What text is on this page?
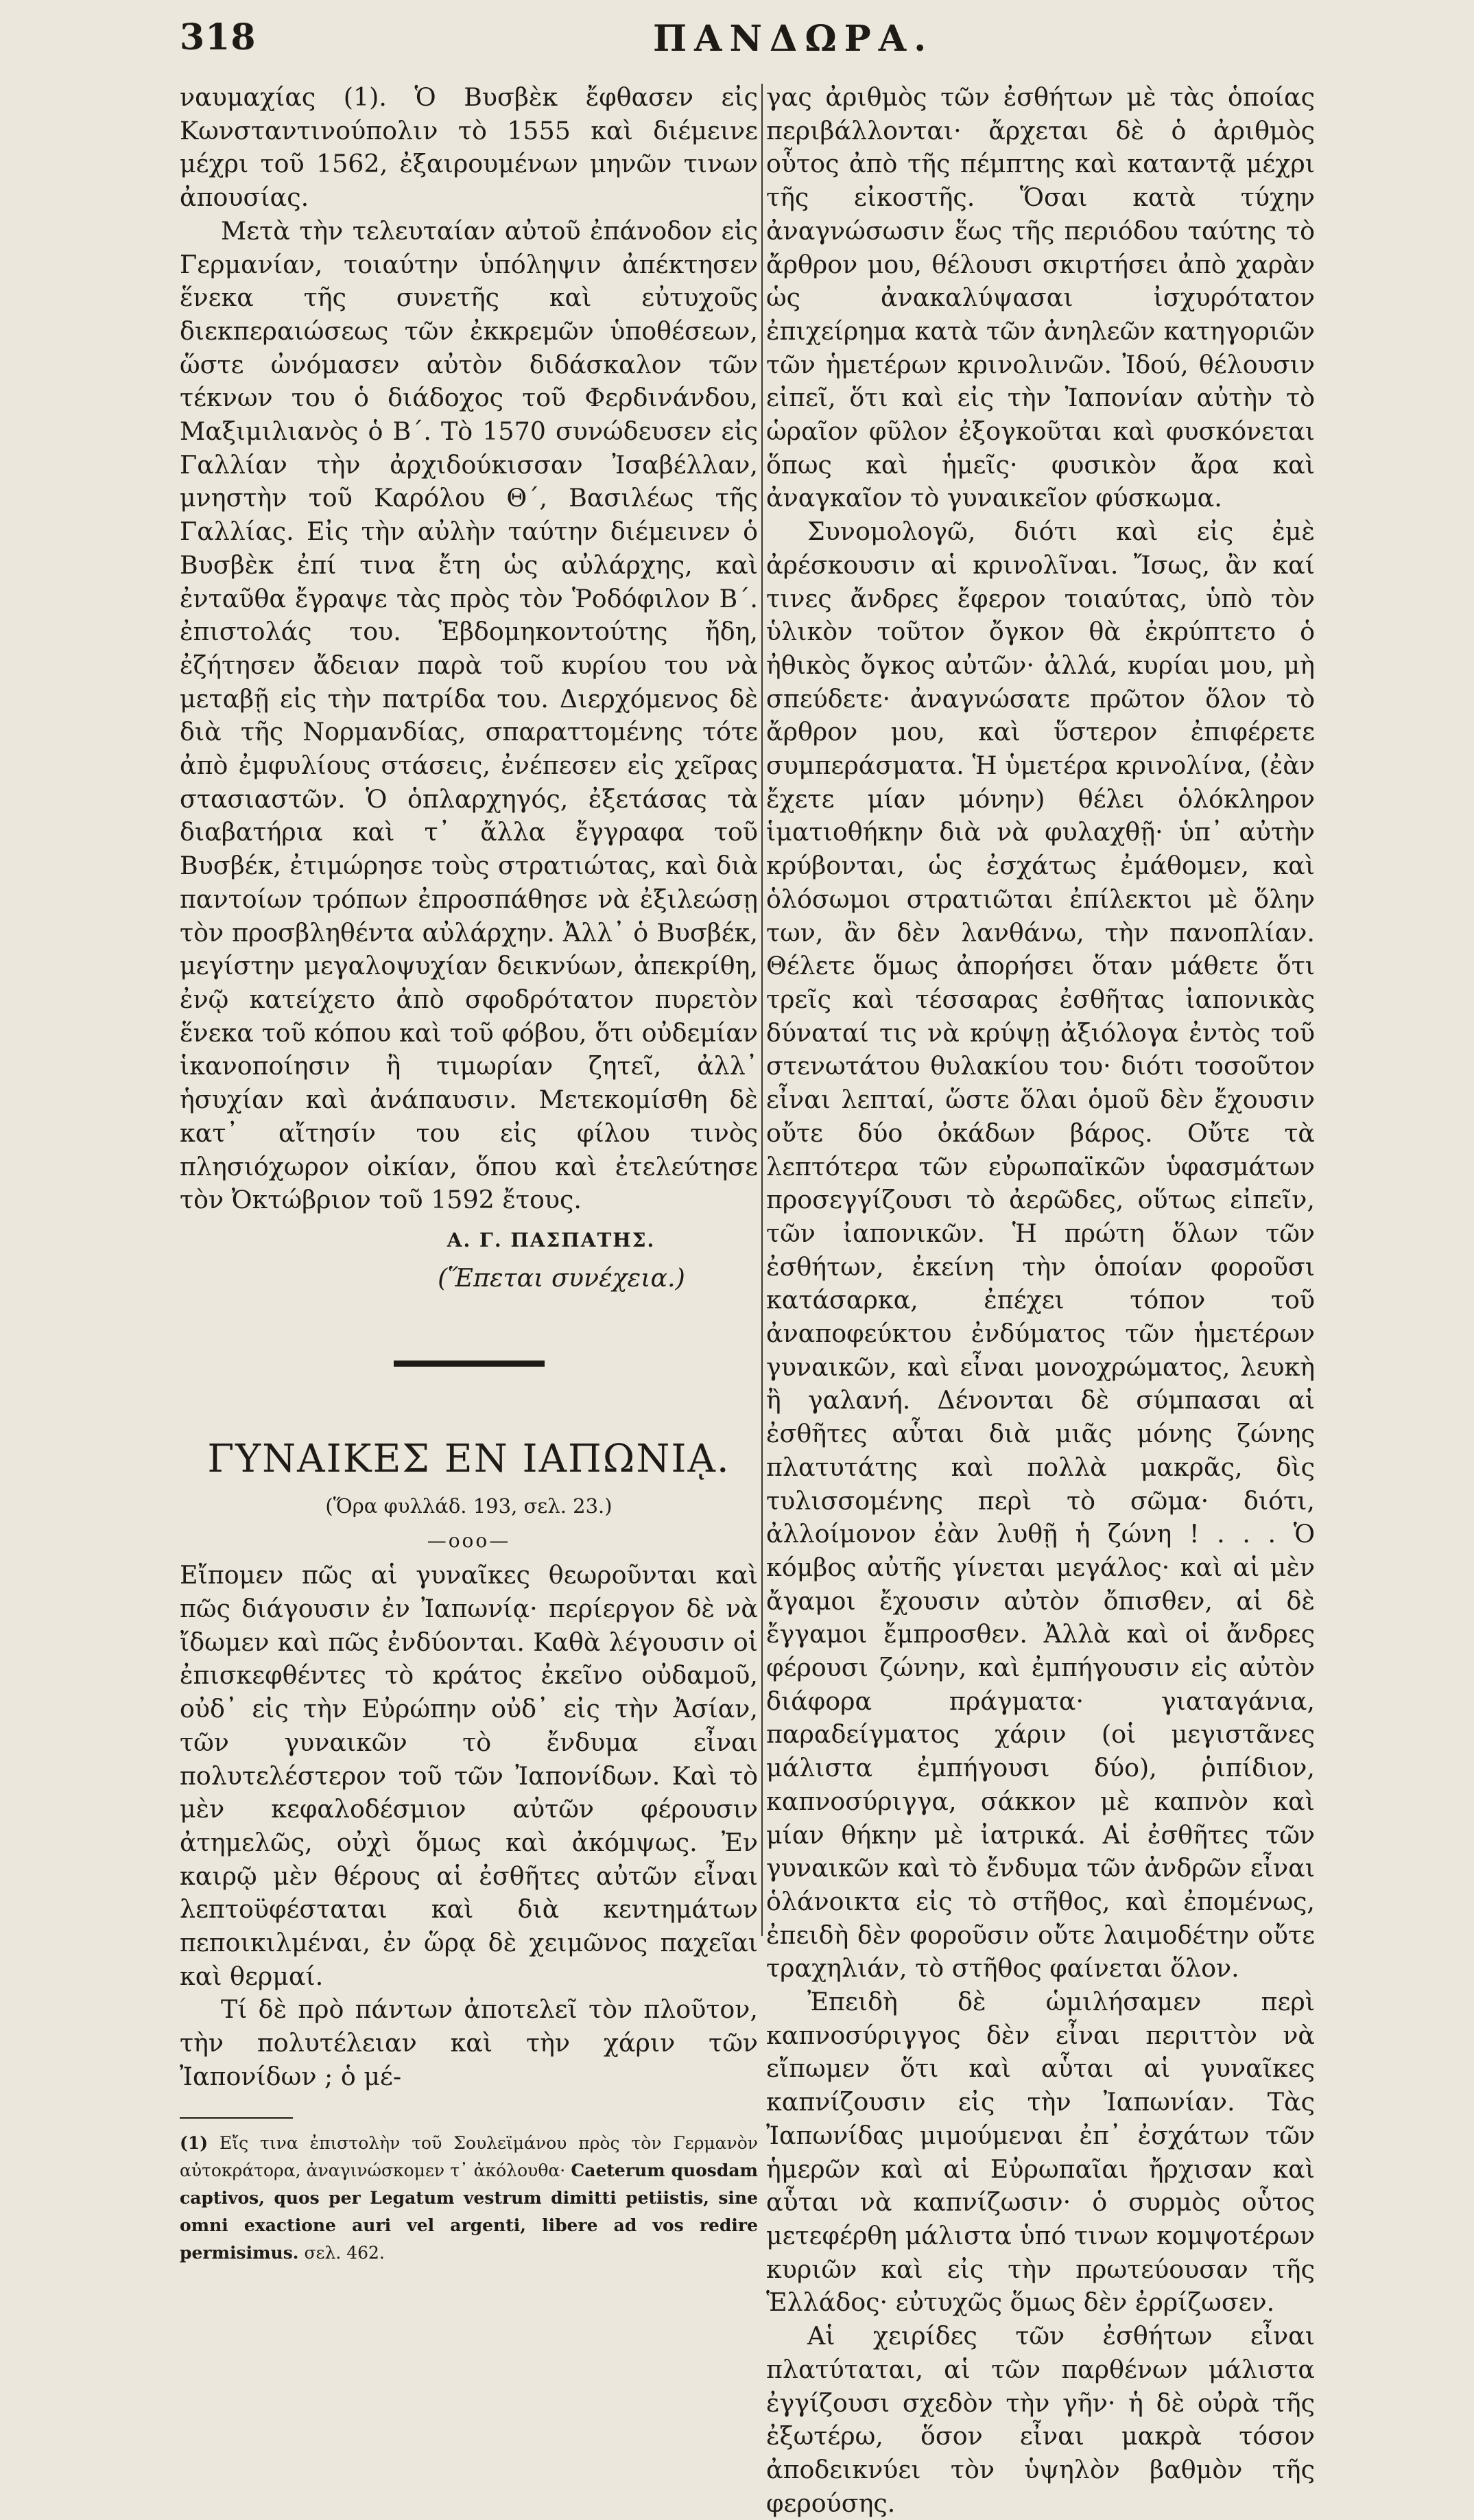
318	ΠΑΝΔΩΡΑ.

ναυμαχίας (1). Ὁ Βυσβὲκ ἔφθασεν εἰς Κωνσταντινούπολιν τὸ 1555 καὶ διέμεινε μέχρι τοῦ 1562, ἐξαιρουμένων μηνῶν τινων ἀπουσίας.

Μετὰ τὴν τελευταίαν αὐτοῦ ἐπάνοδον εἰς Γερμανίαν, τοιαύτην ὑπόληψιν ἀπέκτησεν ἕνεκα τῆς συνετῆς καὶ εὐτυχοῦς διεκπεραιώσεως τῶν ἐκκρεμῶν ὑποθέσεων, ὥστε ὠνόμασεν αὐτὸν διδάσκαλον τῶν τέκνων του ὁ διάδοχος τοῦ Φερδινάνδου, Μαξιμιλιανὸς ὁ Β΄. Τὸ 1570 συνώδευσεν εἰς Γαλλίαν τὴν ἀρχιδούκισσαν Ἰσαβέλλαν, μνηστὴν τοῦ Καρόλου Θ΄, Βασιλέως τῆς Γαλλίας. Εἰς τὴν αὐλὴν ταύτην διέμεινεν ὁ Βυσβὲκ ἐπί τινα ἔτη ὡς αὐλάρχης, καὶ ἐνταῦθα ἔγραψε τὰς πρὸς τὸν Ῥοδόφιλον Β΄. ἐπιστολάς του. Ἑβδομηκοντούτης ἤδη, ἐζήτησεν ἄδειαν παρὰ τοῦ κυρίου του νὰ μεταβῇ εἰς τὴν πατρίδα του. Διερχόμενος δὲ διὰ τῆς Νορμανδίας, σπαραττομένης τότε ἀπὸ ἐμφυλίους στάσεις, ἐνέπεσεν εἰς χεῖρας στασιαστῶν. Ὁ ὁπλαρχηγός, ἐξετάσας τὰ διαβατήρια καὶ τ᾽ ἄλλα ἔγγραφα τοῦ Βυσβέκ, ἐτιμώρησε τοὺς στρατιώτας, καὶ διὰ παντοίων τρόπων ἐπροσπάθησε νὰ ἐξιλεώσῃ τὸν προσβληθέντα αὐλάρχην. Ἀλλ᾽ ὁ Βυσβέκ, μεγίστην μεγαλοψυχίαν δεικνύων, ἀπεκρίθη, ἐνῷ κατείχετο ἀπὸ σφοδρότατον πυρετὸν ἕνεκα τοῦ κόπου καὶ τοῦ φόβου, ὅτι οὐδεμίαν ἱκανοποίησιν ἢ τιμωρίαν ζητεῖ, ἀλλ᾽ ἡσυχίαν καὶ ἀνάπαυσιν. Μετεκομίσθη δὲ κατ᾽ αἴτησίν του εἰς φίλου τινὸς πλησιόχωρον οἰκίαν, ὅπου καὶ ἐτελεύτησε τὸν Ὀκτώβριον τοῦ 1592 ἔτους.

Α. Γ. ΠΑΣΠΑΤΗΣ.
(Ἕπεται συνέχεια.)
ΓΥΝΑΙΚΕΣ ΕΝ ΙΑΠΩΝΙᾼ.
(Ὅρα φυλλάδ. 193, σελ. 23.)
—ooo—

Εἴπομεν πῶς αἱ γυναῖκες θεωροῦνται καὶ πῶς διάγουσιν ἐν Ἰαπωνίᾳ· περίεργον δὲ νὰ ἴδωμεν καὶ πῶς ἐνδύονται. Καθὰ λέγουσιν οἱ ἐπισκεφθέντες τὸ κράτος ἐκεῖνο οὐδαμοῦ, οὐδ᾽ εἰς τὴν Εὐρώπην οὐδ᾽ εἰς τὴν Ἀσίαν, τῶν γυναικῶν τὸ ἔνδυμα εἶναι πολυτελέστερον τοῦ τῶν Ἰαπονίδων. Καὶ τὸ μὲν κεφαλοδέσμιον αὐτῶν φέρουσιν ἀτημελῶς, οὐχὶ ὅμως καὶ ἀκόμψως. Ἐν καιρῷ μὲν θέρους αἱ ἐσθῆτες αὐτῶν εἶναι λεπτοϋφέσταται καὶ διὰ κεντημάτων πεποικιλμέναι, ἐν ὥρᾳ δὲ χειμῶνος παχεῖαι καὶ θερμαί.

Τί δὲ πρὸ πάντων ἀποτελεῖ τὸν πλοῦτον, τὴν πολυτέλειαν καὶ τὴν χάριν τῶν Ἰαπονίδων ; ὁ μέ-

(1) Εἴς τινα ἐπιστολὴν τοῦ Σουλεϊμάνου πρὸς τὸν Γερμανὸν αὐτοκράτορα, ἀναγινώσκομεν τ᾽ ἀκόλουθα· Caeterum quosdam captivos, quos per Legatum vestrum dimitti petiistis, sine omni exactione auri vel argenti, libere ad vos redire permisimus. σελ. 462.

γας ἀριθμὸς τῶν ἐσθήτων μὲ τὰς ὁποίας περιβάλλονται· ἄρχεται δὲ ὁ ἀριθμὸς οὗτος ἀπὸ τῆς πέμπτης καὶ καταντᾷ μέχρι τῆς εἰκοστῆς. Ὅσαι κατὰ τύχην ἀναγνώσωσιν ἕως τῆς περιόδου ταύτης τὸ ἄρθρον μου, θέλουσι σκιρτήσει ἀπὸ χαρὰν ὡς ἀνακαλύψασαι ἰσχυρότατον ἐπιχείρημα κατὰ τῶν ἀνηλεῶν κατηγοριῶν τῶν ἡμετέρων κρινολινῶν. Ἰδού, θέλουσιν εἰπεῖ, ὅτι καὶ εἰς τὴν Ἰαπονίαν αὐτὴν τὸ ὡραῖον φῦλον ἐξογκοῦται καὶ φυσκόνεται ὅπως καὶ ἡμεῖς· φυσικὸν ἄρα καὶ ἀναγκαῖον τὸ γυναικεῖον φύσκωμα.

Συνομολογῶ, διότι καὶ εἰς ἐμὲ ἀρέσκουσιν αἱ κρινολῖναι. Ἴσως, ἂν καί τινες ἄνδρες ἔφερον τοιαύτας, ὑπὸ τὸν ὑλικὸν τοῦτον ὄγκον θὰ ἐκρύπτετο ὁ ἠθικὸς ὄγκος αὐτῶν· ἀλλά, κυρίαι μου, μὴ σπεύδετε· ἀναγνώσατε πρῶτον ὅλον τὸ ἄρθρον μου, καὶ ὕστερον ἐπιφέρετε συμπεράσματα. Ἡ ὑμετέρα κρινολίνα, (ἐὰν ἔχετε μίαν μόνην) θέλει ὁλόκληρον ἱματιοθήκην διὰ νὰ φυλαχθῇ· ὑπ᾽ αὐτὴν κρύβονται, ὡς ἐσχάτως ἐμάθομεν, καὶ ὁλόσωμοι στρατιῶται ἐπίλεκτοι μὲ ὅλην των, ἂν δὲν λανθάνω, τὴν πανοπλίαν. Θέλετε ὅμως ἀπορήσει ὅταν μάθετε ὅτι τρεῖς καὶ τέσσαρας ἐσθῆτας ἰαπονικὰς δύναταί τις νὰ κρύψῃ ἀξιόλογα ἐντὸς τοῦ στενωτάτου θυλακίου του· διότι τοσοῦτον εἶναι λεπταί, ὥστε ὅλαι ὁμοῦ δὲν ἔχουσιν οὔτε δύο ὀκάδων βάρος. Οὔτε τὰ λεπτότερα τῶν εὐρωπαϊκῶν ὑφασμάτων προσεγγίζουσι τὸ ἀερῶδες, οὕτως εἰπεῖν, τῶν ἰαπονικῶν. Ἡ πρώτη ὅλων τῶν ἐσθήτων, ἐκείνη τὴν ὁποίαν φοροῦσι κατάσαρκα, ἐπέχει τόπον τοῦ ἀναποφεύκτου ἐνδύματος τῶν ἡμετέρων γυναικῶν, καὶ εἶναι μονοχρώματος, λευκὴ ἢ γαλανή. Δένονται δὲ σύμπασαι αἱ ἐσθῆτες αὗται διὰ μιᾶς μόνης ζώνης πλατυτάτης καὶ πολλὰ μακρᾶς, δὶς τυλισσομένης περὶ τὸ σῶμα· διότι, ἀλλοίμονον ἐὰν λυθῇ ἡ ζώνη ! . . . Ὁ κόμβος αὐτῆς γίνεται μεγάλος· καὶ αἱ μὲν ἄγαμοι ἔχουσιν αὐτὸν ὄπισθεν, αἱ δὲ ἔγγαμοι ἔμπροσθεν. Ἀλλὰ καὶ οἱ ἄνδρες φέρουσι ζώνην, καὶ ἐμπήγουσιν εἰς αὐτὸν διάφορα πράγματα· γιαταγάνια, παραδείγματος χάριν (οἱ μεγιστᾶνες μάλιστα ἐμπήγουσι δύο), ῥιπίδιον, καπνοσύριγγα, σάκκον μὲ καπνὸν καὶ μίαν θήκην μὲ ἰατρικά. Αἱ ἐσθῆτες τῶν γυναικῶν καὶ τὸ ἔνδυμα τῶν ἀνδρῶν εἶναι ὁλάνοικτα εἰς τὸ στῆθος, καὶ ἐπομένως, ἐπειδὴ δὲν φοροῦσιν οὔτε λαιμοδέτην οὔτε τραχηλιάν, τὸ στῆθος φαίνεται ὅλον.

Ἐπειδὴ δὲ ὡμιλήσαμεν περὶ καπνοσύριγγος δὲν εἶναι περιττὸν νὰ εἴπωμεν ὅτι καὶ αὗται αἱ γυναῖκες καπνίζουσιν εἰς τὴν Ἰαπωνίαν. Τὰς Ἰαπωνίδας μιμούμεναι ἐπ᾽ ἐσχάτων τῶν ἡμερῶν καὶ αἱ Εὐρωπαῖαι ἤρχισαν καὶ αὗται νὰ καπνίζωσιν· ὁ συρμὸς οὗτος μετεφέρθη μάλιστα ὑπό τινων κομψοτέρων κυριῶν καὶ εἰς τὴν πρωτεύουσαν τῆς Ἑλλάδος· εὐτυχῶς ὅμως δὲν ἐρρίζωσεν.

Αἱ χειρίδες τῶν ἐσθήτων εἶναι πλατύταται, αἱ τῶν παρθένων μάλιστα ἐγγίζουσι σχεδὸν τὴν γῆν· ἡ δὲ οὐρὰ τῆς ἐξωτέρω, ὅσον εἶναι μακρὰ τόσον ἀποδεικνύει τὸν ὑψηλὸν βαθμὸν τῆς φερούσης.
